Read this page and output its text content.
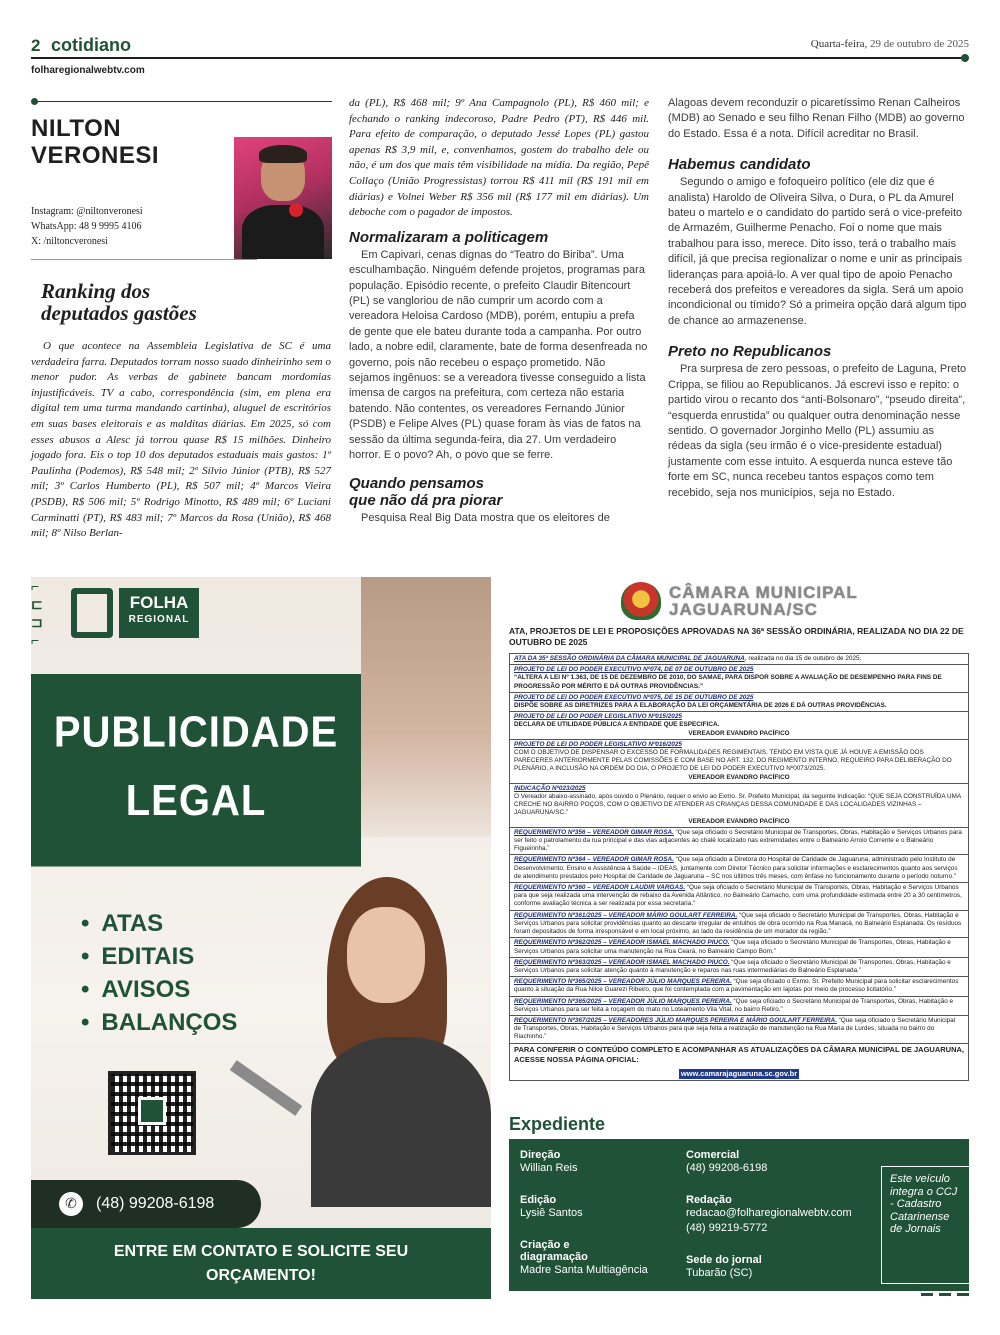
2 cotidiano	Quarta-feira, 29 de outubro de 2025
folharegionalwebtv.com
NILTON
VERONESI
Instagram: @niltonveronesi
WhatsApp: 48 9 9995 4106
X: /niltoncveronesi
Ranking dos
deputados gastões
O que acontece na Assembleia Legislativa de SC é uma verdadeira farra. Deputados torram nosso suado dinheirinho sem o menor pudor. As verbas de gabinete bancam mordomias injustificáveis. TV a cabo, correspondência (sim, em plena era digital tem uma turma mandando cartinha), aluguel de escritórios em suas bases eleitorais e as malditas diárias. Em 2025, só com esses abusos a Alesc já torrou quase R$ 15 milhões. Dinheiro jogado fora. Eis o top 10 dos deputados estaduais mais gastos: 1º Paulinha (Podemos), R$ 548 mil; 2º Sílvio Júnior (PTB), R$ 527 mil; 3º Carlos Humberto (PL), R$ 507 mil; 4º Marcos Vieira (PSDB), R$ 506 mil; 5º Rodrigo Minotto, R$ 489 mil; 6º Luciani Carminatti (PT), R$ 483 mil; 7º Marcos da Rosa (União), R$ 468 mil; 8º Nilso Berlan-

da (PL), R$ 468 mil; 9º Ana Campagnolo (PL), R$ 460 mil; e fechando o ranking indecoroso, Padre Pedro (PT), R$ 446 mil. Para efeito de comparação, o deputado Jessé Lopes (PL) gastou apenas R$ 3,9 mil, e, convenhamos, gostem do trabalho dele ou não, é um dos que mais têm visibilidade na mídia. Da região, Pepê Collaço (União Progressistas) torrou R$ 411 mil (R$ 191 mil em diárias) e Volnei Weber R$ 356 mil (R$ 177 mil em diárias). Um deboche com o pagador de impostos.

Normalizaram a politicagem

Em Capivari, cenas dignas do “Teatro do Biriba”. Uma esculhambação. Ninguém defende projetos, programas para população. Episódio recente, o prefeito Claudir Bitencourt (PL) se vangloriou de não cumprir um acordo com a vereadora Heloisa Cardoso (MDB), porém, entupiu a prefa de gente que ele bateu durante toda a campanha. Por outro lado, a nobre edil, claramente, bate de forma desenfreada no governo, pois não recebeu o espaço prometido. Não sejamos ingênuos: se a vereadora tivesse conseguido a lista imensa de cargos na prefeitura, com certeza não estaria batendo. Não contentes, os vereadores Fernando Júnior (PSDB) e Felipe Alves (PL) quase foram às vias de fatos na sessão da última segunda-feira, dia 27. Um verdadeiro horror. E o povo? Ah, o povo que se ferre.

Quando pensamos
que não dá pra piorar

Pesquisa Real Big Data mostra que os eleitores de

Alagoas devem reconduzir o picaretíssimo Renan Calheiros (MDB) ao Senado e seu filho Renan Filho (MDB) ao governo do Estado. Essa é a nota. Difícil acreditar no Brasil.

Habemus candidato

Segundo o amigo e fofoqueiro político (ele diz que é analista) Haroldo de Oliveira Silva, o Dura, o PL da Amurel bateu o martelo e o candidato do partido será o vice-prefeito de Armazém, Guilherme Penacho. Foi o nome que mais trabalhou para isso, merece. Dito isso, terá o trabalho mais difícil, já que precisa regionalizar o nome e unir as principais lideranças para apoiá-lo. A ver qual tipo de apoio Penacho receberá dos prefeitos e vereadores da sigla. Será um apoio incondicional ou tímido? Só a primeira opção dará algum tipo de chance ao armazenense.

Preto no Republicanos

Pra surpresa de zero pessoas, o prefeito de Laguna, Preto Crippa, se filiou ao Republicanos. Já escrevi isso e repito: o partido virou o recanto dos “anti-Bolsonaro”, “pseudo direita”, “esquerda enrustida” ou qualquer outra denominação nesse sentido. O governador Jorginho Mello (PL) assumiu as rédeas da sigla (seu irmão é o vice-presidente estadual) justamente com esse intuito. A esquerda nunca esteve tão forte em SC, nunca recebeu tantos espaços como tem recebido, seja nos municípios, seja no Estado.

⌐
⊏
⊐
⌐
FOLHA
REGIONAL
PUBLICIDADE
LEGAL
• ATAS
• EDITAIS
• AVISOS
• BALANÇOS
✆	(48) 99208-6198
ENTRE EM CONTATO E SOLICITE SEU
ORÇAMENTO!
CÂMARA MUNICIPAL
JAGUARUNA/SC
ATA, PROJETOS DE LEI E PROPOSIÇÕES APROVADAS NA 36ª SESSÃO ORDINÁRIA, REALIZADA NO DIA 22 DE OUTUBRO DE 2025
ATA DA 35ª SESSÃO ORDINÁRIA DA CÂMARA MUNICIPAL DE JAGUARUNA, realizada no dia 15 de outubro de 2025.
PROJETO DE LEI DO PODER EXECUTIVO Nº074, DE 07 DE OUTUBRO DE 2025
“ALTERA A LEI Nº 1.363, DE 15 DE DEZEMBRO DE 2010, DO SAMAE, PARA DISPOR SOBRE A AVALIAÇÃO DE DESEMPENHO PARA FINS DE PROGRESSÃO POR MÉRITO E DÁ OUTRAS PROVIDÊNCIAS.”
PROJETO DE LEI DO PODER EXECUTIVO Nº075, DE 15 DE OUTUBRO DE 2025
DISPÕE SOBRE AS DIRETRIZES PARA A ELABORAÇÃO DA LEI ORÇAMENTÁRIA DE 2026 E DÁ OUTRAS PROVIDÊNCIAS.
PROJETO DE LEI DO PODER LEGISLATIVO Nº015/2025
DECLARA DE UTILIDADE PÚBLICA A ENTIDADE QUE ESPECIFICA.
VEREADOR EVANDRO PACÍFICO
PROJETO DE LEI DO PODER LEGISLATIVO Nº016/2025
COM O OBJETIVO DE DISPENSAR O EXCESSO DE FORMALIDADES REGIMENTAIS, TENDO EM VISTA QUE JÁ HOUVE A EMISSÃO DOS PARECERES ANTERIORMENTE PELAS COMISSÕES E COM BASE NO ART. 132. DO REGIMENTO INTERNO, REQUEIRO PARA DELIBERAÇÃO DO PLENÁRIO, A INCLUSÃO NA ORDEM DO DIA, O PROJETO DE LEI DO PODER EXECUTIVO Nº0073/2025.
VEREADOR EVANDRO PACÍFICO
INDICAÇÃO Nº023/2025
O Vereador abaixo-assinado, após ouvido o Plenário, requer o envio ao Exmo. Sr. Prefeito Municipal, da seguinte Indicação: “QUE SEJA CONSTRUÍDA UMA CRECHE NO BAIRRO POÇOS, COM O OBJETIVO DE ATENDER AS CRIANÇAS DESSA COMUNIDADE E DAS LOCALIDADES VIZINHAS – JAGUARUNA/SC.”
VEREADOR EVANDRO PACÍFICO
REQUERIMENTO Nº356 – VEREADOR GIMAR ROSA. “Que seja oficiado o Secretário Municipal de Transportes, Obras, Habitação e Serviços Urbanos para ser feito o patrolamento da rua principal e das vias adjacentes ao chalé localizado nas extremidades entre o Balneário Arroio Corrente e o Balneário Figueirinha.”
REQUERIMENTO Nº364 – VEREADOR GIMAR ROSA. “Que seja oficiado a Diretora do Hospital de Caridade de Jaguaruna, administrado pelo Instituto de Desenvolvimento, Ensino e Assistência à Saúde – IDEAS, juntamente com Diretor Técnico para solicitar informações e esclarecimentos quanto aos serviços de atendimento prestados pelo Hospital de Caridade de Jaguaruna – SC nos últimos três meses, com ênfase no funcionamento durante o período noturno.”
REQUERIMENTO Nº360 – VEREADOR LAUDIR VARGAS. “Que seja oficiado o Secretário Municipal de Transportes, Obras, Habitação e Serviços Urbanos para que seja realizada uma intervenção de rebaixo da Avenida Atlântico, no Balneário Camacho, com uma profundidade estimada entre 20 a 30 centímetros, conforme avaliação técnica a ser realizada por essa secretaria.”
REQUERIMENTO Nº361/2025 – VEREADOR MÁRIO GOULART FERREIRA. “Que seja oficiado o Secretário Municipal de Transportes, Obras, Habitação e Serviços Urbanos para solicitar providências quanto ao descarte irregular de entulhos de obra ocorrido na Rua Manacá, no Balneário Esplanada. Os resíduos foram depositados de forma irresponsável e em local próximo, ao lado da residência de um morador da região.”
REQUERIMENTO Nº362/2025 – VEREADOR ISMAEL MACHADO PIUCO. “Que seja oficiado o Secretário Municipal de Transportes, Obras, Habitação e Serviços Urbanos para solicitar uma manutenção na Rua Ceará, no Balneário Campo Bom.”
REQUERIMENTO Nº363/2025 – VEREADOR ISMAEL MACHADO PIUCO. “Que seja oficiado o Secretário Municipal de Transportes, Obras, Habitação e Serviços Urbanos para solicitar atenção quanto à manutenção e reparos nas ruas intermediárias do Balneário Esplanada.”
REQUERIMENTO Nº365/2025 – VEREADOR JÚLIO MARQUES PEREIRA. “Que seja oficiado o Exmo. Sr. Prefeito Municipal para solicitar esclarecimentos quanto à situação da Rua Nilce Guarezi Ribeiro, que foi contemplada com a pavimentação em lajotas por meio de processo licitatório.”
REQUERIMENTO Nº365/2025 – VEREADOR JÚLIO MARQUES PEREIRA. “Que seja oficiado o Secretário Municipal de Transportes, Obras, Habitação e Serviços Urbanos para ser feita a roçagem do mato no Loteamento Vila Vital, no bairro Retiro.”
REQUERIMENTO Nº367/2025 – VEREADORES JÚLIO MARQUES PEREIRA E MÁRIO GOULART FERREIRA. “Que seja oficiado o Secretário Municipal de Transportes, Obras, Habitação e Serviços Urbanos para que seja feita a realização de manutenção na Rua Maria de Lurdes, situada no bairro do Riachinho.”
PARA CONFERIR O CONTEÚDO COMPLETO E ACOMPANHAR AS ATUALIZAÇÕES DA CÂMARA MUNICIPAL DE JAGUARUNA, ACESSE NOSSA PÁGINA OFICIAL:
www.camarajaguaruna.sc.gov.br
Expediente
Direção
Willian Reis
Edição
Lysiê Santos
Criação e
diagramação
Madre Santa Multiagência
Comercial
(48) 99208-6198
Redação
redacao@folharegionalwebtv.com
(48) 99219-5772
Sede do jornal
Tubarão (SC)
Este veículo integra o CCJ - Cadastro Catarinense de Jornais
